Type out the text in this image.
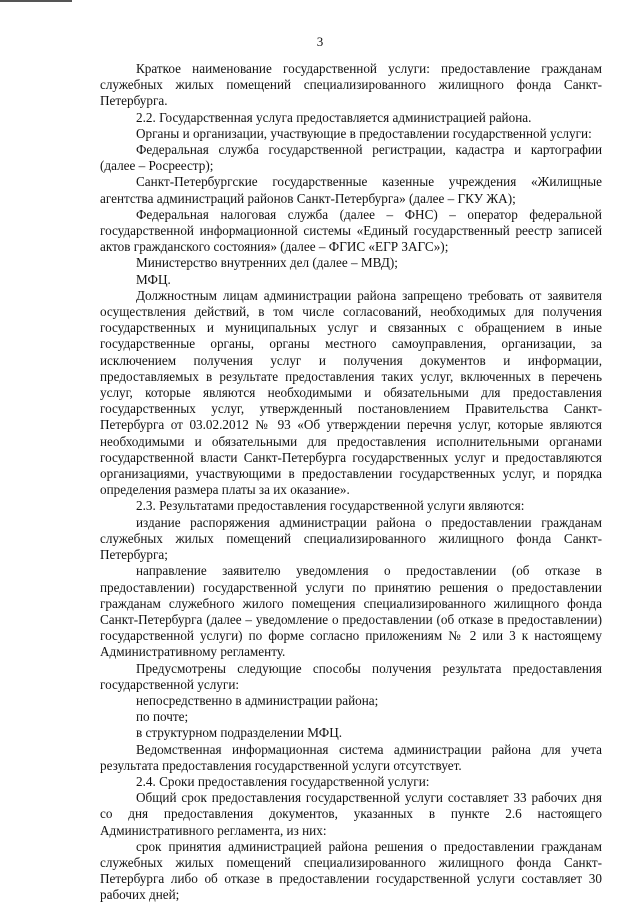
3

Краткое наименование государственной услуги: предоставление гражданам служебных жилых помещений специализированного жилищного фонда Санкт-Петербурга.

2.2. Государственная услуга предоставляется администрацией района.

Органы и организации, участвующие в предоставлении государственной услуги:

Федеральная служба государственной регистрации, кадастра и картографии (далее – Росреестр);

Санкт-Петербургские государственные казенные учреждения «Жилищные агентства администраций районов Санкт-Петербурга» (далее – ГКУ ЖА);

Федеральная налоговая служба (далее – ФНС) – оператор федеральной государственной информационной системы «Единый государственный реестр записей актов гражданского состояния» (далее – ФГИС «ЕГР ЗАГС»);

Министерство внутренних дел (далее – МВД);

МФЦ.

Должностным лицам администрации района запрещено требовать от заявителя осуществления действий, в том числе согласований, необходимых для получения государственных и муниципальных услуг и связанных с обращением в иные государственные органы, органы местного самоуправления, организации, за исключением получения услуг и получения документов и информации, предоставляемых в результате предоставления таких услуг, включенных в перечень услуг, которые являются необходимыми и обязательными для предоставления государственных услуг, утвержденный постановлением Правительства Санкт-Петербурга от 03.02.2012 № 93 «Об утверждении перечня услуг, которые являются необходимыми и обязательными для предоставления исполнительными органами государственной власти Санкт-Петербурга государственных услуг и предоставляются организациями, участвующими в предоставлении государственных услуг, и порядка определения размера платы за их оказание».

2.3. Результатами предоставления государственной услуги являются:

издание распоряжения администрации района о предоставлении гражданам служебных жилых помещений специализированного жилищного фонда Санкт-Петербурга;

направление заявителю уведомления о предоставлении (об отказе в предоставлении) государственной услуги по принятию решения о предоставлении гражданам служебного жилого помещения специализированного жилищного фонда Санкт-Петербурга (далее – уведомление о предоставлении (об отказе в предоставлении) государственной услуги) по форме согласно приложениям № 2 или 3 к настоящему Административному регламенту.

Предусмотрены следующие способы получения результата предоставления государственной услуги:

непосредственно в администрации района;

по почте;

в структурном подразделении МФЦ.

Ведомственная информационная система администрации района для учета результата предоставления государственной услуги отсутствует.

2.4. Сроки предоставления государственной услуги:

Общий срок предоставления государственной услуги составляет 33 рабочих дня со дня предоставления документов, указанных в пункте 2.6 настоящего Административного регламента, из них:

срок принятия администрацией района решения о предоставлении гражданам служебных жилых помещений специализированного жилищного фонда Санкт-Петербурга либо об отказе в предоставлении государственной услуги составляет 30 рабочих дней;
